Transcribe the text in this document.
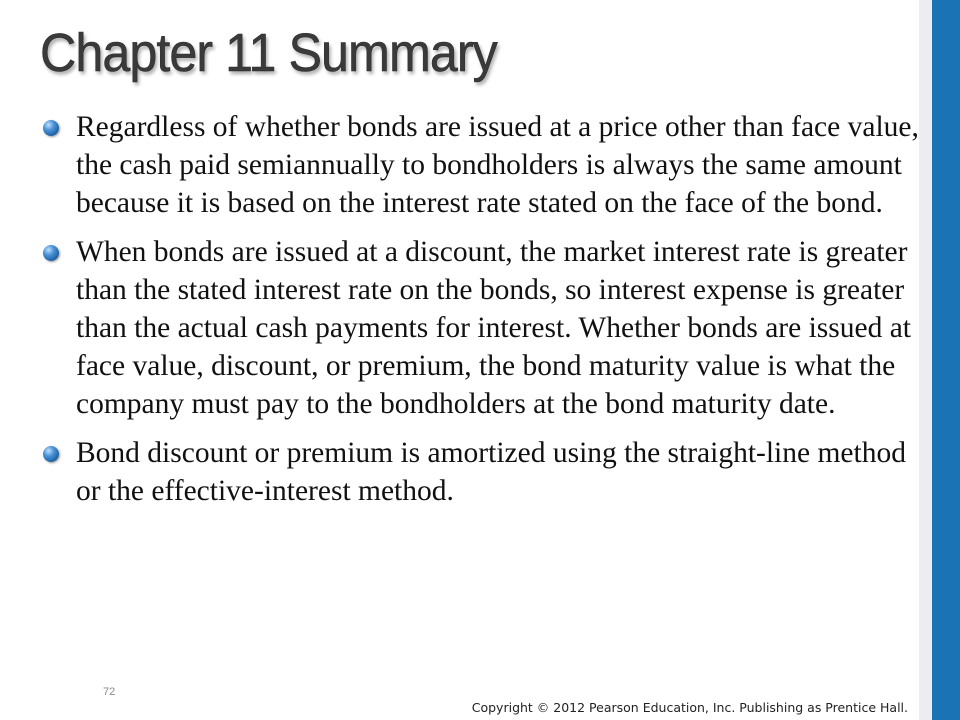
Chapter 11 Summary
Regardless of whether bonds are issued at a price other than face value, the cash paid semiannually to bondholders is always the same amount because it is based on the interest rate stated on the face of the bond.
When bonds are issued at a discount, the market interest rate is greater than the stated interest rate on the bonds, so interest expense is greater than the actual cash payments for interest. Whether bonds are issued at face value, discount, or premium, the bond maturity value is what the company must pay to the bondholders at the bond maturity date.
Bond discount or premium is amortized using the straight-line method or the effective-interest method.
72
Copyright © 2012 Pearson Education, Inc. Publishing as Prentice Hall.
